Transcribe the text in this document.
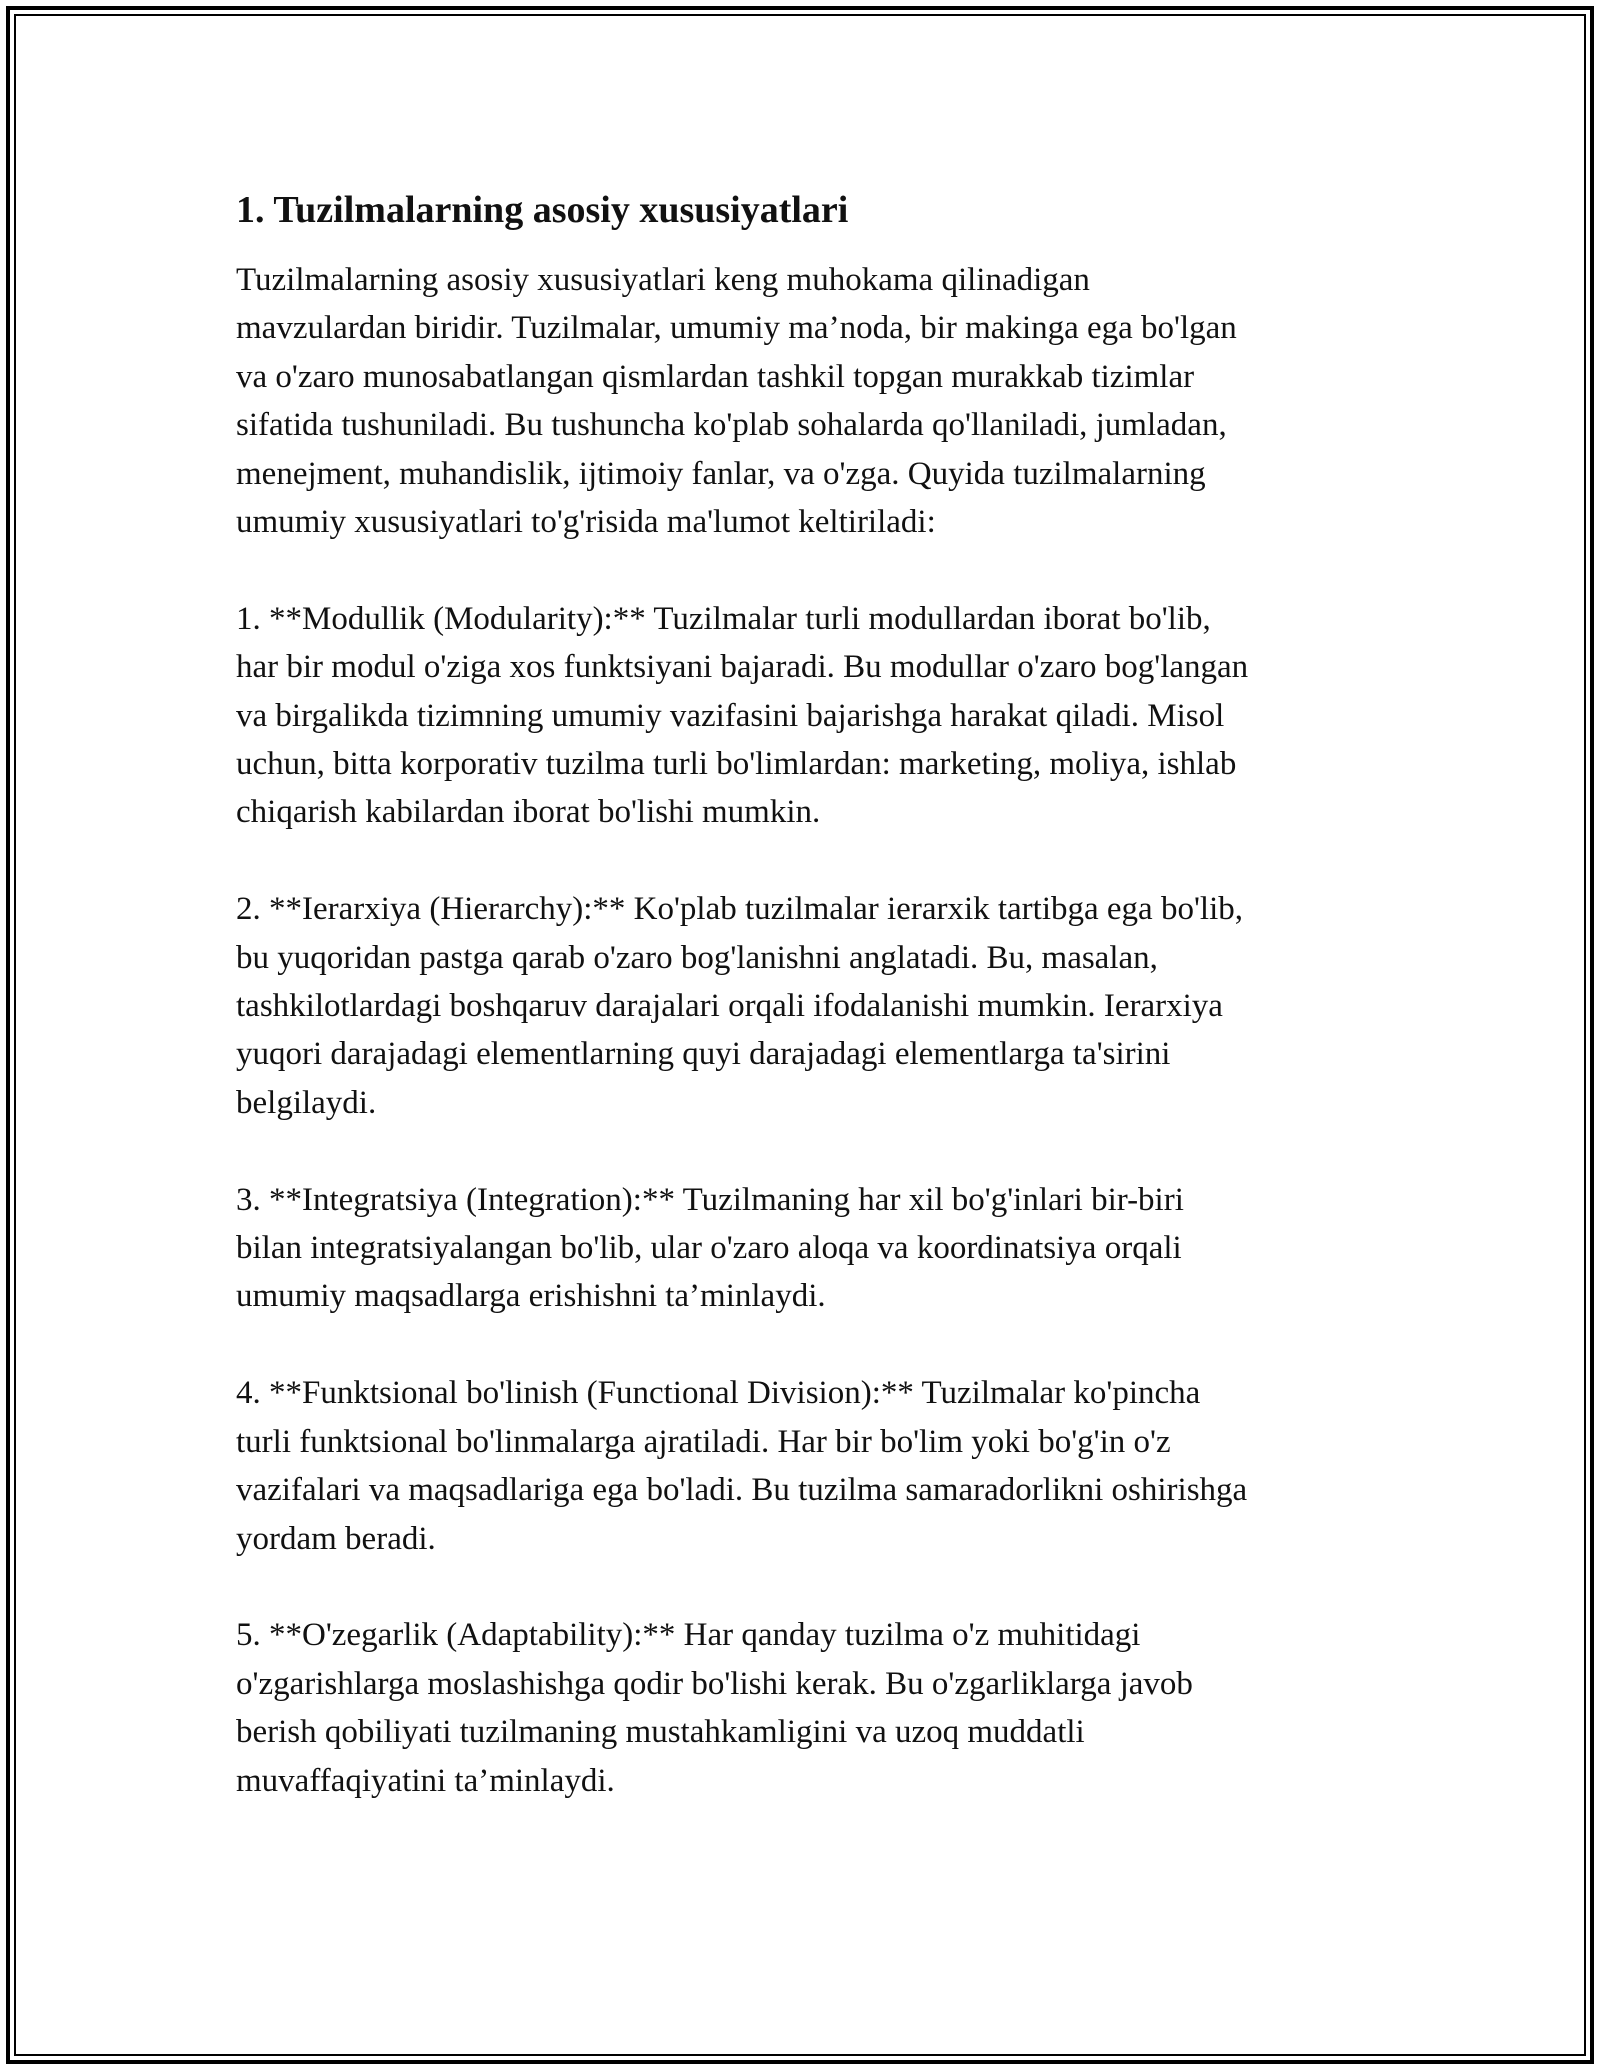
1. Tuzilmalarning asosiy xususiyatlari

Tuzilmalarning asosiy xususiyatlari keng muhokama qilinadigan
mavzulardan biridir. Tuzilmalar, umumiy ma’noda, bir makinga ega bo'lgan
va o'zaro munosabatlangan qismlardan tashkil topgan murakkab tizimlar
sifatida tushuniladi. Bu tushuncha ko'plab sohalarda qo'llaniladi, jumladan,
menejment, muhandislik, ijtimoiy fanlar, va o'zga. Quyida tuzilmalarning
umumiy xususiyatlari to'g'risida ma'lumot keltiriladi:

1. **Modullik (Modularity):** Tuzilmalar turli modullardan iborat bo'lib,
har bir modul o'ziga xos funktsiyani bajaradi. Bu modullar o'zaro bog'langan
va birgalikda tizimning umumiy vazifasini bajarishga harakat qiladi. Misol
uchun, bitta korporativ tuzilma turli bo'limlardan: marketing, moliya, ishlab
chiqarish kabilardan iborat bo'lishi mumkin.

2. **Ierarxiya (Hierarchy):** Ko'plab tuzilmalar ierarxik tartibga ega bo'lib,
bu yuqoridan pastga qarab o'zaro bog'lanishni anglatadi. Bu, masalan,
tashkilotlardagi boshqaruv darajalari orqali ifodalanishi mumkin. Ierarxiya
yuqori darajadagi elementlarning quyi darajadagi elementlarga ta'sirini
belgilaydi.

3. **Integratsiya (Integration):** Tuzilmaning har xil bo'g'inlari bir-biri
bilan integratsiyalangan bo'lib, ular o'zaro aloqa va koordinatsiya orqali
umumiy maqsadlarga erishishni ta’minlaydi.

4. **Funktsional bo'linish (Functional Division):** Tuzilmalar ko'pincha
turli funktsional bo'linmalarga ajratiladi. Har bir bo'lim yoki bo'g'in o'z
vazifalari va maqsadlariga ega bo'ladi. Bu tuzilma samaradorlikni oshirishga
yordam beradi.

5. **O'zegarlik (Adaptability):** Har qanday tuzilma o'z muhitidagi
o'zgarishlarga moslashishga qodir bo'lishi kerak. Bu o'zgarliklarga javob
berish qobiliyati tuzilmaning mustahkamligini va uzoq muddatli
muvaffaqiyatini ta’minlaydi.
